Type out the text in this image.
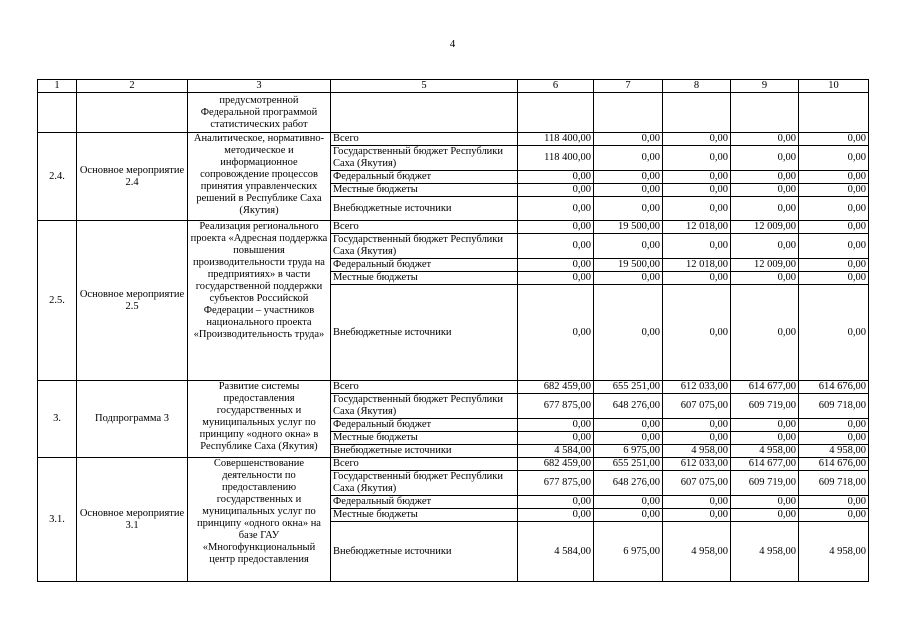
4
1	2	3	5	6	7	8	9	10
		предусмотренной Федеральной программой статистических работ						
2.4.	Основное мероприятие 2.4	Аналитическое, нормативно-методическое и информационное сопровождение процессов принятия управленческих решений в Республике Саха (Якутия)	Всего	118 400,00	0,00	0,00	0,00	0,00
			Государственный бюджет Республики Саха (Якутия)	118 400,00	0,00	0,00	0,00	0,00
			Федеральный бюджет	0,00	0,00	0,00	0,00	0,00
			Местные бюджеты	0,00	0,00	0,00	0,00	0,00
			Внебюджетные источники	0,00	0,00	0,00	0,00	0,00
2.5.	Основное мероприятие 2.5	Реализация регионального проекта «Адресная поддержка повышения производительности труда на предприятиях» в части государственной поддержки субъектов Российской Федерации – участников национального проекта «Производительность труда»	Всего	0,00	19 500,00	12 018,00	12 009,00	0,00
			Государственный бюджет Республики Саха (Якутия)	0,00	0,00	0,00	0,00	0,00
			Федеральный бюджет	0,00	19 500,00	12 018,00	12 009,00	0,00
			Местные бюджеты	0,00	0,00	0,00	0,00	0,00
			Внебюджетные источники	0,00	0,00	0,00	0,00	0,00
3.	Подпрограмма 3	Развитие системы предоставления государственных и муниципальных услуг по принципу «одного окна» в Республике Саха (Якутия)	Всего	682 459,00	655 251,00	612 033,00	614 677,00	614 676,00
			Государственный бюджет Республики Саха (Якутия)	677 875,00	648 276,00	607 075,00	609 719,00	609 718,00
			Федеральный бюджет	0,00	0,00	0,00	0,00	0,00
			Местные бюджеты	0,00	0,00	0,00	0,00	0,00
			Внебюджетные источники	4 584,00	6 975,00	4 958,00	4 958,00	4 958,00
3.1.	Основное мероприятие 3.1	Совершенствование деятельности по предоставлению государственных и муниципальных услуг по принципу «одного окна» на базе ГАУ «Многофункциональный центр предоставления	Всего	682 459,00	655 251,00	612 033,00	614 677,00	614 676,00
			Государственный бюджет Республики Саха (Якутия)	677 875,00	648 276,00	607 075,00	609 719,00	609 718,00
			Федеральный бюджет	0,00	0,00	0,00	0,00	0,00
			Местные бюджеты	0,00	0,00	0,00	0,00	0,00
			Внебюджетные источники	4 584,00	6 975,00	4 958,00	4 958,00	4 958,00
